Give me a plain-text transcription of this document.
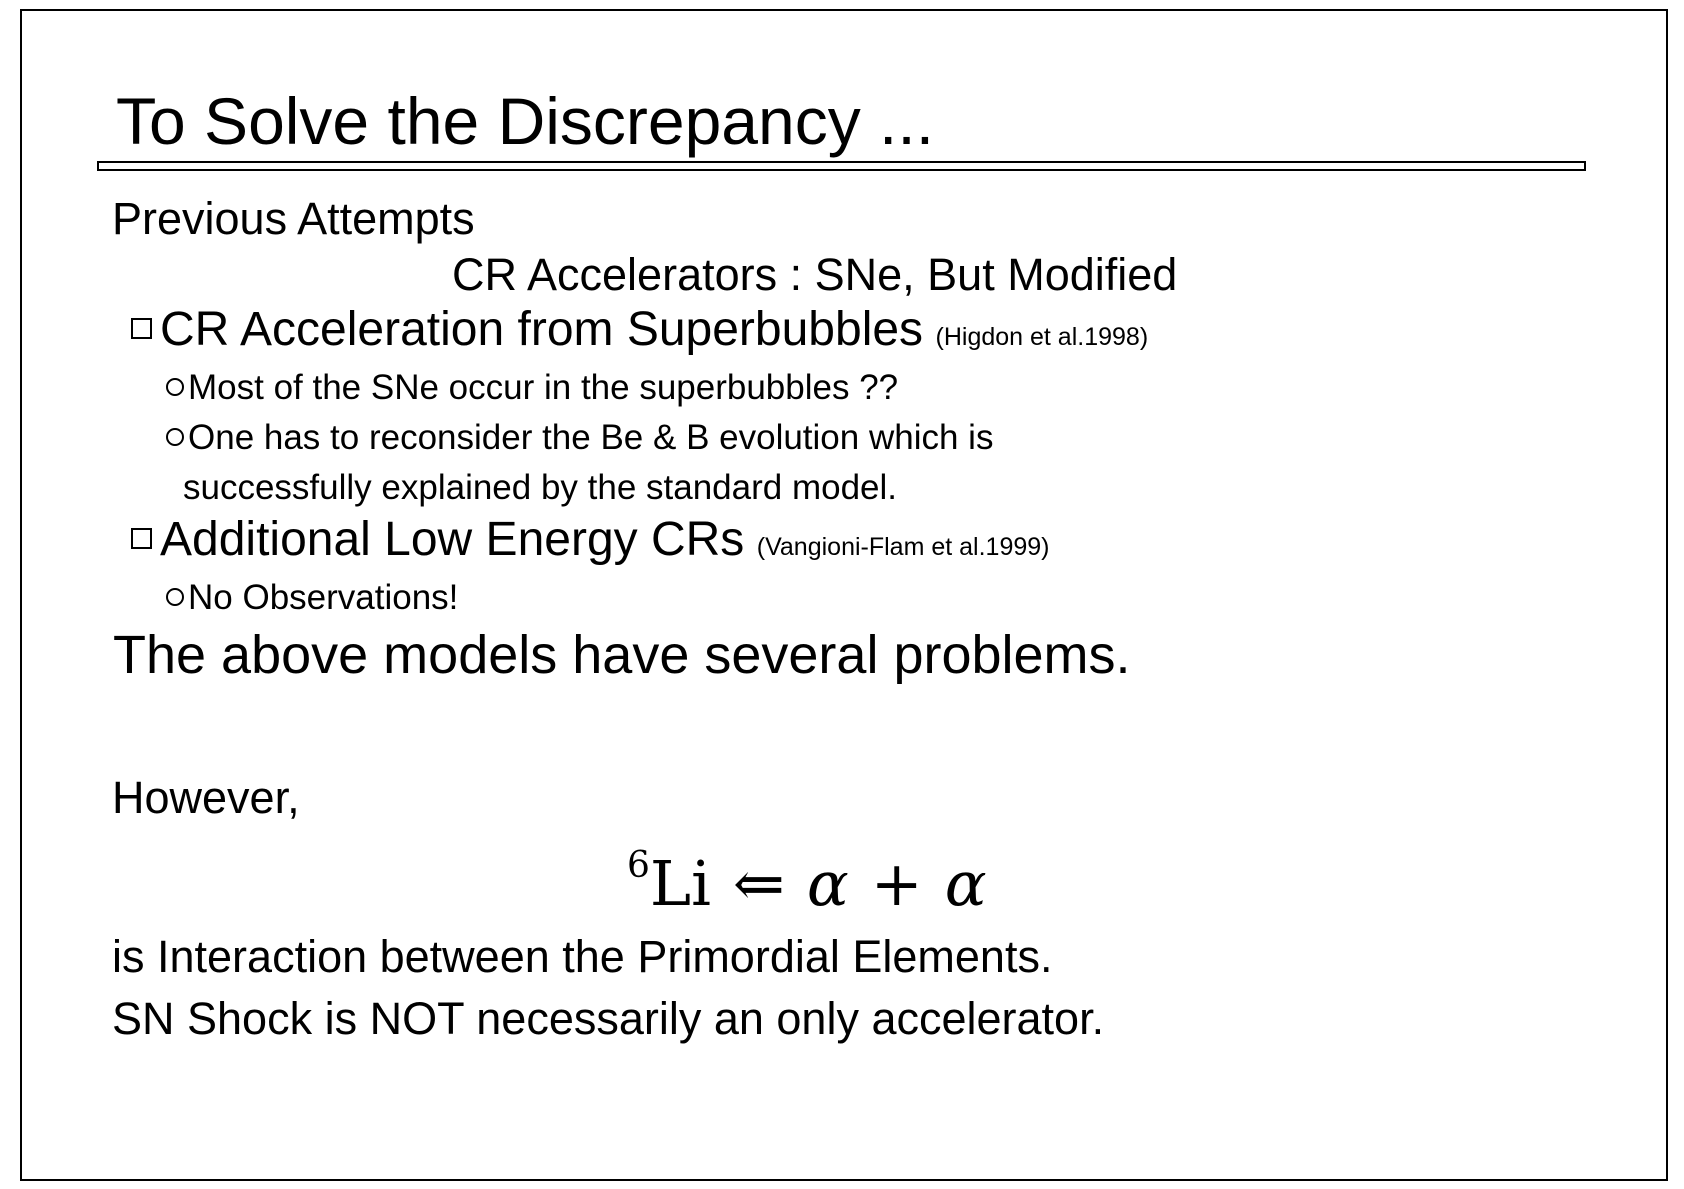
To Solve the Discrepancy ...
Previous Attempts
CR Accelerators : SNe, But Modified
CR Acceleration from Superbubbles (Higdon et al.1998)
Most of the SNe occur in the superbubbles ??
One has to reconsider the Be & B evolution which is
successfully explained by the standard model.
Additional Low Energy CRs (Vangioni-Flam et al.1999)
No Observations!
The above models have several problems.
However,
$^6$Li ⇐ α + α
is Interaction between the Primordial Elements.
SN Shock is NOT necessarily an only accelerator.
